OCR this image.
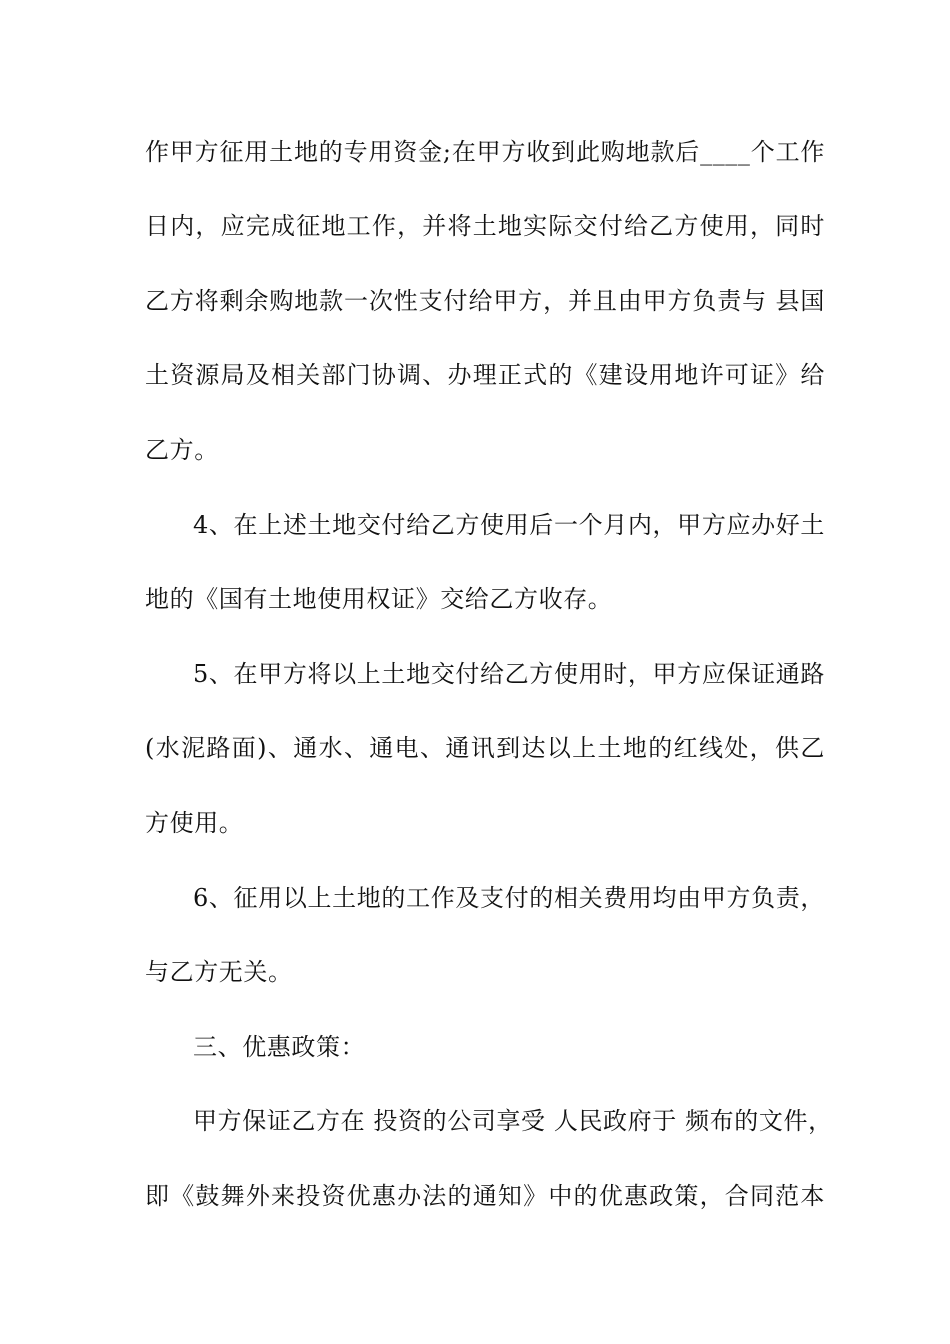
作甲方征用土地的专用资金;在甲方收到此购地款后____个工作
日内，应完成征地工作，并将土地实际交付给乙方使用，同时
乙方将剩余购地款一次性支付给甲方，并且由甲方负责与 县国
土资源局及相关部门协调、办理正式的《建设用地许可证》给
乙方。
4、在上述土地交付给乙方使用后一个月内，甲方应办好土
地的《国有土地使用权证》交给乙方收存。
5、在甲方将以上土地交付给乙方使用时，甲方应保证通路
(水泥路面)、通水、通电、通讯到达以上土地的红线处，供乙
方使用。
6、征用以上土地的工作及支付的相关费用均由甲方负责，
与乙方无关。
三、优惠政策：
甲方保证乙方在 投资的公司享受 人民政府于 频布的文件，
即《鼓舞外来投资优惠办法的通知》中的优惠政策，合同范本
